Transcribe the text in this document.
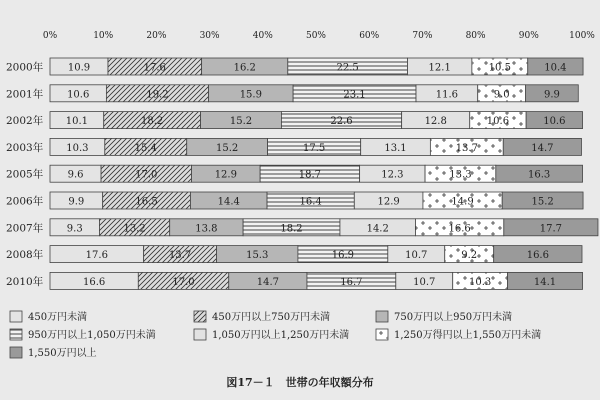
0%	10%	20%	30%	40%	50%	60%	70%	80%	90%	100%
2000年 10.9	17.6	16.2	22.5	12.1	10.5	10.4
2001年 10.6	19.2	15.9	23.1	11.6	9.0	9.9
2002年 10.1	18.2	15.2	22.6	12.8	10.6	10.6
2003年 10.3	15.4	15.2	17.5	13.1	13.7	14.7
2005年 9.6	17.0	12.9	18.7	12.3	13.3	16.3
2006年	9.9	16.5	14.4	16.4	12.9	14.9	15.2
2007年 9.3	13.2	13.8	18.2	14.2	16.6	17.7
2008年	17.6	13.7	15.3	16.9	10.7	9.2	16.6
2010年	16.6	17.0	14.7	16.7	10.7	10.3	14.1
450万円未満	450万円以上750万円未満	750万円以上950万円未満
950万円以上1,050万円未満	1,050万円以上1,250万円未満	1,250万得円以上1,550万円未満
1,550万円以上
図17－１　世帯の年収額分布
